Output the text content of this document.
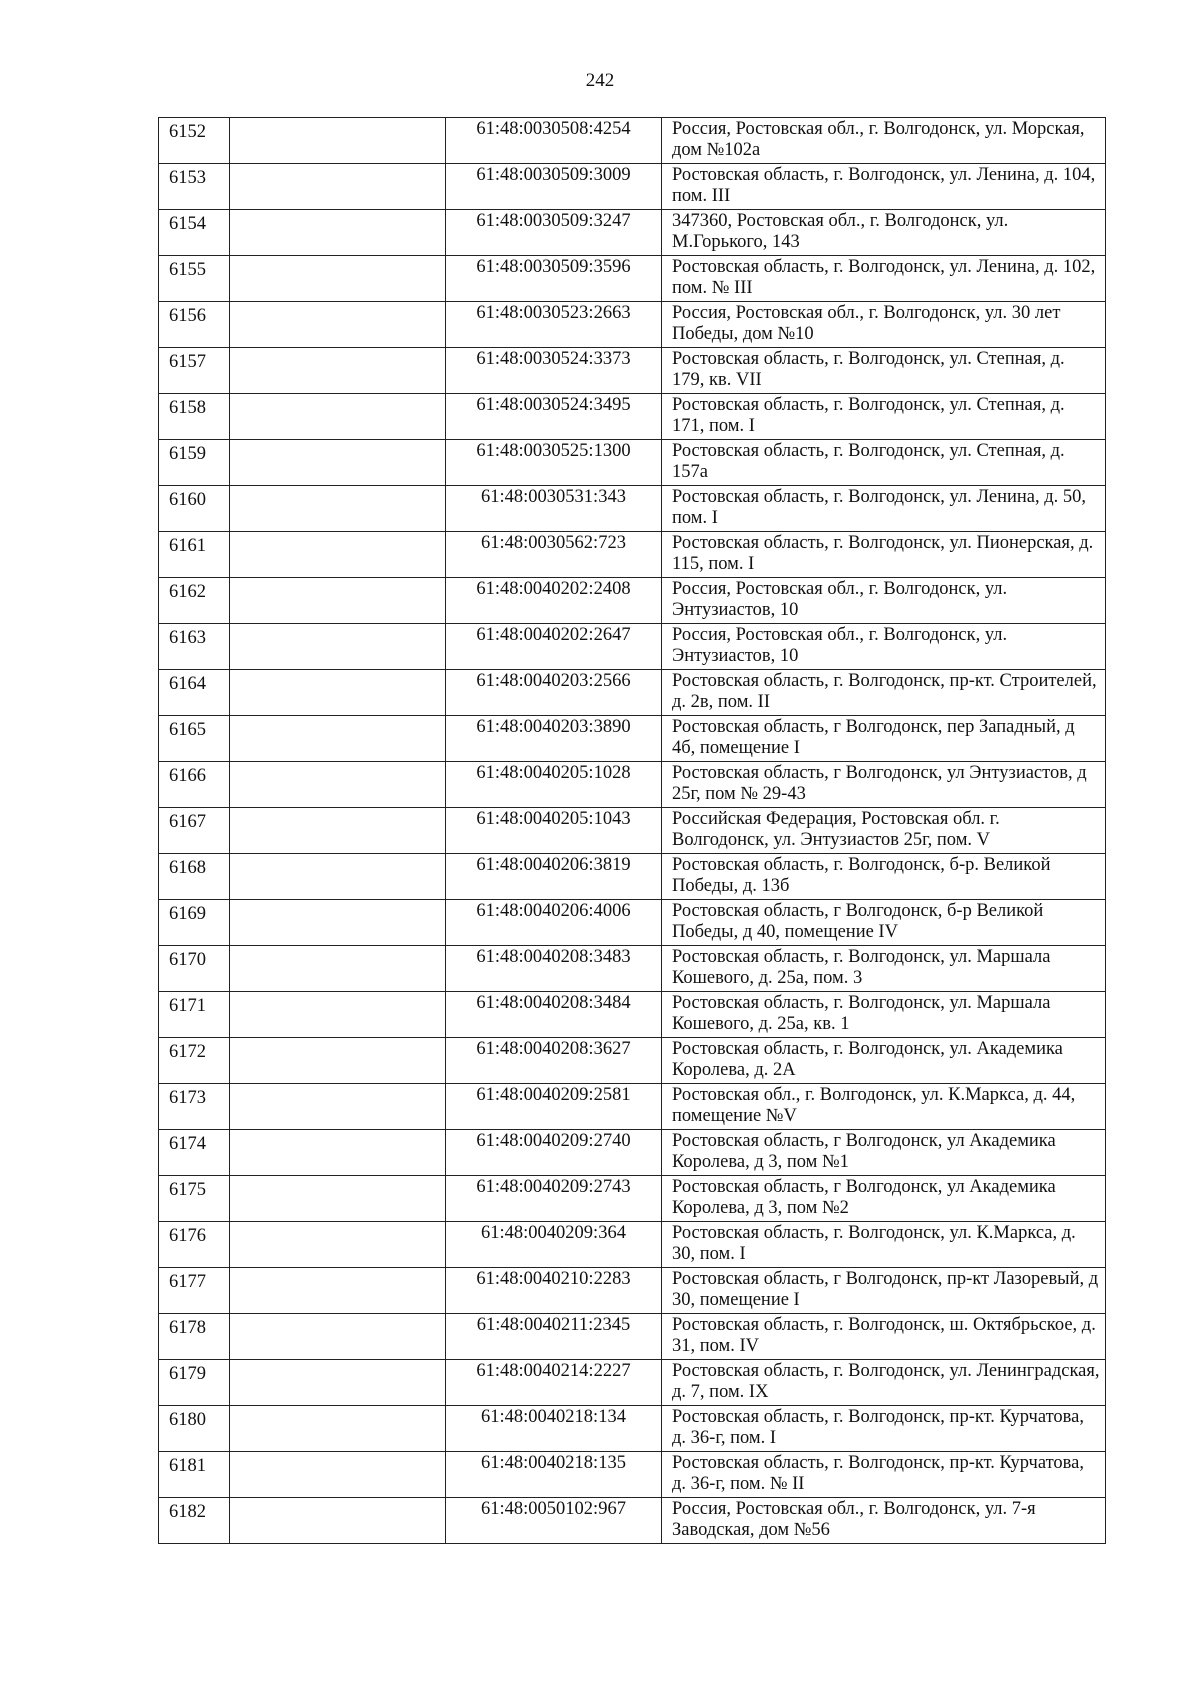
242
6152		61:48:0030508:4254	Россия, Ростовская обл., г. Волгодонск, ул. Морская, дом №102а
6153		61:48:0030509:3009	Ростовская область, г. Волгодонск, ул. Ленина, д. 104, пом. III
6154		61:48:0030509:3247	347360, Ростовская обл., г. Волгодонск, ул. М.Горького, 143
6155		61:48:0030509:3596	Ростовская область, г. Волгодонск, ул. Ленина, д. 102, пом. № III
6156		61:48:0030523:2663	Россия, Ростовская обл., г. Волгодонск, ул. 30 лет Победы, дом №10
6157		61:48:0030524:3373	Ростовская область, г. Волгодонск, ул. Степная, д. 179, кв. VII
6158		61:48:0030524:3495	Ростовская область, г. Волгодонск, ул. Степная, д. 171, пом. I
6159		61:48:0030525:1300	Ростовская область, г. Волгодонск, ул. Степная, д. 157а
6160		61:48:0030531:343	Ростовская область, г. Волгодонск, ул. Ленина, д. 50, пом. I
6161		61:48:0030562:723	Ростовская область, г. Волгодонск, ул. Пионерская, д. 115, пом. I
6162		61:48:0040202:2408	Россия, Ростовская обл., г. Волгодонск, ул. Энтузиастов, 10
6163		61:48:0040202:2647	Россия, Ростовская обл., г. Волгодонск, ул. Энтузиастов, 10
6164		61:48:0040203:2566	Ростовская область, г. Волгодонск, пр-кт. Строителей, д. 2в, пом. II
6165		61:48:0040203:3890	Ростовская область, г Волгодонск, пер Западный, д 4б, помещение I
6166		61:48:0040205:1028	Ростовская область, г Волгодонск, ул Энтузиастов, д 25г, пом № 29-43
6167		61:48:0040205:1043	Российская Федерация, Ростовская обл. г. Волгодонск, ул. Энтузиастов 25г, пом. V
6168		61:48:0040206:3819	Ростовская область, г. Волгодонск, б-р. Великой Победы, д. 13б
6169		61:48:0040206:4006	Ростовская область, г Волгодонск, б-р Великой Победы, д 40, помещение IV
6170		61:48:0040208:3483	Ростовская область, г. Волгодонск, ул. Маршала Кошевого, д. 25а, пом. 3
6171		61:48:0040208:3484	Ростовская область, г. Волгодонск, ул. Маршала Кошевого, д. 25а, кв. 1
6172		61:48:0040208:3627	Ростовская область, г. Волгодонск, ул. Академика Королева, д. 2А
6173		61:48:0040209:2581	Ростовская обл., г. Волгодонск, ул. К.Маркса, д. 44, помещение №V
6174		61:48:0040209:2740	Ростовская область, г Волгодонск, ул Академика Королева, д 3, пом №1
6175		61:48:0040209:2743	Ростовская область, г Волгодонск, ул Академика Королева, д 3, пом №2
6176		61:48:0040209:364	Ростовская область, г. Волгодонск, ул. К.Маркса, д. 30, пом. I
6177		61:48:0040210:2283	Ростовская область, г Волгодонск, пр-кт Лазоревый, д 30, помещение I
6178		61:48:0040211:2345	Ростовская область, г. Волгодонск, ш. Октябрьское, д. 31, пом. IV
6179		61:48:0040214:2227	Ростовская область, г. Волгодонск, ул. Ленинградская, д. 7, пом. IX
6180		61:48:0040218:134	Ростовская область, г. Волгодонск, пр-кт. Курчатова, д. 36-г, пом. I
6181		61:48:0040218:135	Ростовская область, г. Волгодонск, пр-кт. Курчатова, д. 36-г, пом. № II
6182		61:48:0050102:967	Россия, Ростовская обл., г. Волгодонск, ул. 7-я Заводская, дом №56
